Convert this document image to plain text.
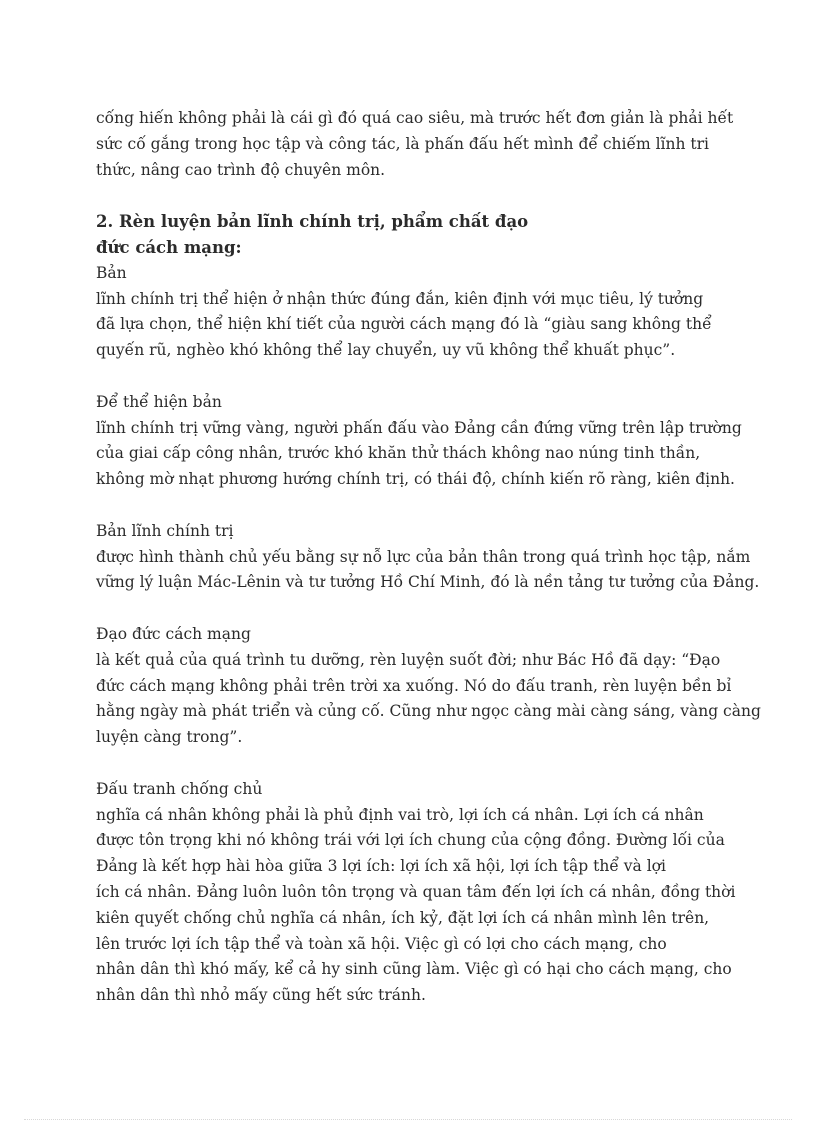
cống hiến không phải là cái gì đó quá cao siêu, mà trước hết đơn giản là phải hết
sức cố gắng trong học tập và công tác, là phấn đấu hết mình để chiếm lĩnh tri
thức, nâng cao trình độ chuyên môn.
2. Rèn luyện bản lĩnh chính trị, phẩm chất đạo
đức cách mạng:
Bản
lĩnh chính trị thể hiện ở nhận thức đúng đắn, kiên định với mục tiêu, lý tưởng
đã lựa chọn, thể hiện khí tiết của người cách mạng đó là “giàu sang không thể
quyến rũ, nghèo khó không thể lay chuyển, uy vũ không thể khuất phục”.
Để thể hiện bản
lĩnh chính trị vững vàng, người phấn đấu vào Đảng cần đứng vững trên lập trường
của giai cấp công nhân, trước khó khăn thử thách không nao núng tinh thần,
không mờ nhạt phương hướng chính trị, có thái độ, chính kiến rõ ràng, kiên định.
Bản lĩnh chính trị
được hình thành chủ yếu bằng sự nỗ lực của bản thân trong quá trình học tập, nắm
vững lý luận Mác-Lênin và tư tưởng Hồ Chí Minh, đó là nền tảng tư tưởng của Đảng.
Đạo đức cách mạng
là kết quả của quá trình tu dưỡng, rèn luyện suốt đời; như Bác Hồ đã dạy: “Đạo
đức cách mạng không phải trên trời xa xuống. Nó do đấu tranh, rèn luyện bền bỉ
hằng ngày mà phát triển và củng cố. Cũng như ngọc càng mài càng sáng, vàng càng
luyện càng trong”.
Đấu tranh chống chủ
nghĩa cá nhân không phải là phủ định vai trò, lợi ích cá nhân. Lợi ích cá nhân
được tôn trọng khi nó không trái với lợi ích chung của cộng đồng. Đường lối của
Đảng là kết hợp hài hòa giữa 3 lợi ích: lợi ích xã hội, lợi ích tập thể và lợi
ích cá nhân. Đảng luôn luôn tôn trọng và quan tâm đến lợi ích cá nhân, đồng thời
kiên quyết chống chủ nghĩa cá nhân, ích kỷ, đặt lợi ích cá nhân mình lên trên,
lên trước lợi ích tập thể và toàn xã hội. Việc gì có lợi cho cách mạng, cho
nhân dân thì khó mấy, kể cả hy sinh cũng làm. Việc gì có hại cho cách mạng, cho
nhân dân thì nhỏ mấy cũng hết sức tránh.
